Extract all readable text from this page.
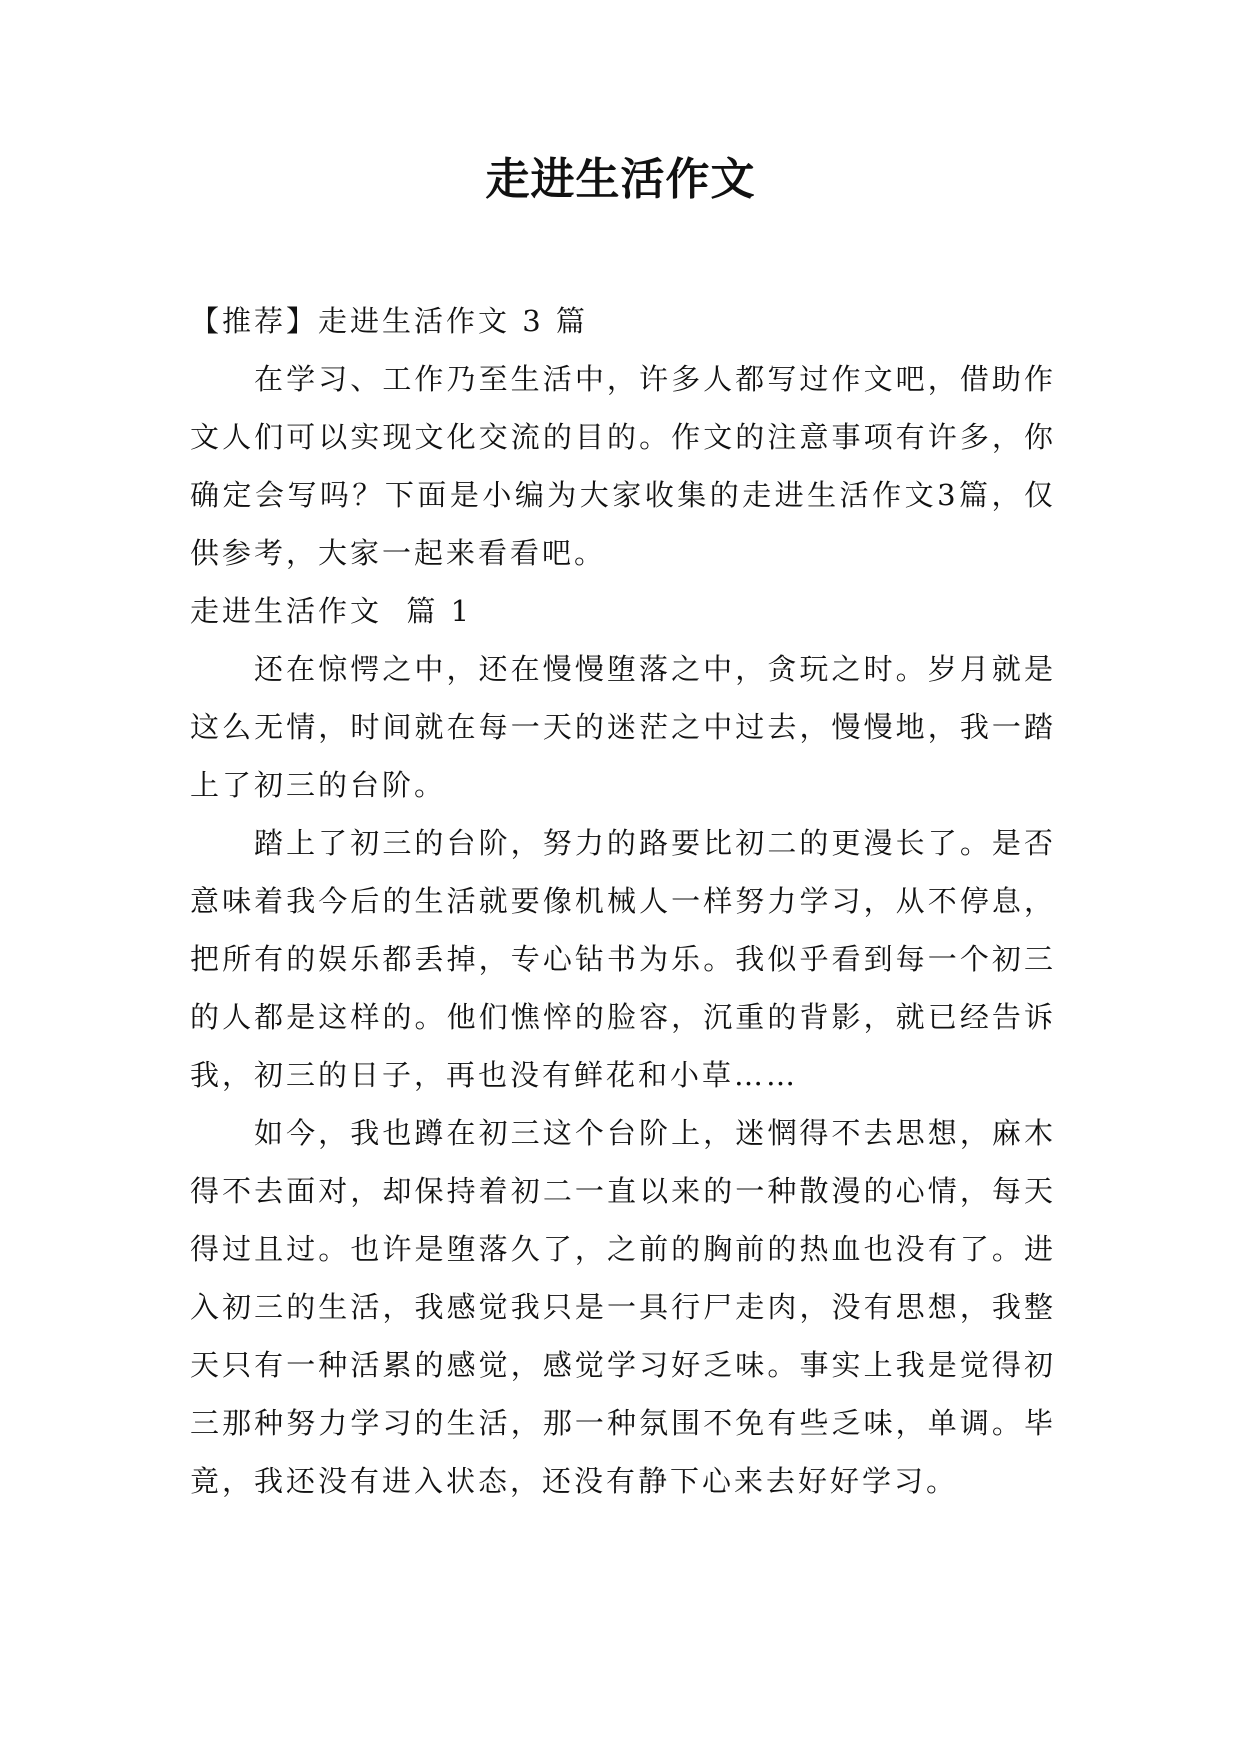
走进生活作文

【推荐】走进生活作文 3 篇

在学习、工作乃至生活中，许多人都写过作文吧，借助作文人们可以实现文化交流的目的。作文的注意事项有许多，你确定会写吗？下面是小编为大家收集的走进生活作文3篇，仅供参考，大家一起来看看吧。

走进生活作文  篇 1

还在惊愕之中，还在慢慢堕落之中，贪玩之时。岁月就是这么无情，时间就在每一天的迷茫之中过去，慢慢地，我一踏上了初三的台阶。

踏上了初三的台阶，努力的路要比初二的更漫长了。是否意味着我今后的生活就要像机械人一样努力学习，从不停息，把所有的娱乐都丢掉，专心钻书为乐。我似乎看到每一个初三的人都是这样的。他们憔悴的脸容，沉重的背影，就已经告诉我，初三的日子，再也没有鲜花和小草……

如今，我也蹲在初三这个台阶上，迷惘得不去思想，麻木得不去面对，却保持着初二一直以来的一种散漫的心情，每天得过且过。也许是堕落久了，之前的胸前的热血也没有了。进入初三的生活，我感觉我只是一具行尸走肉，没有思想，我整天只有一种活累的感觉，感觉学习好乏味。事实上我是觉得初三那种努力学习的生活，那一种氛围不免有些乏味，单调。毕竟，我还没有进入状态，还没有静下心来去好好学习。
